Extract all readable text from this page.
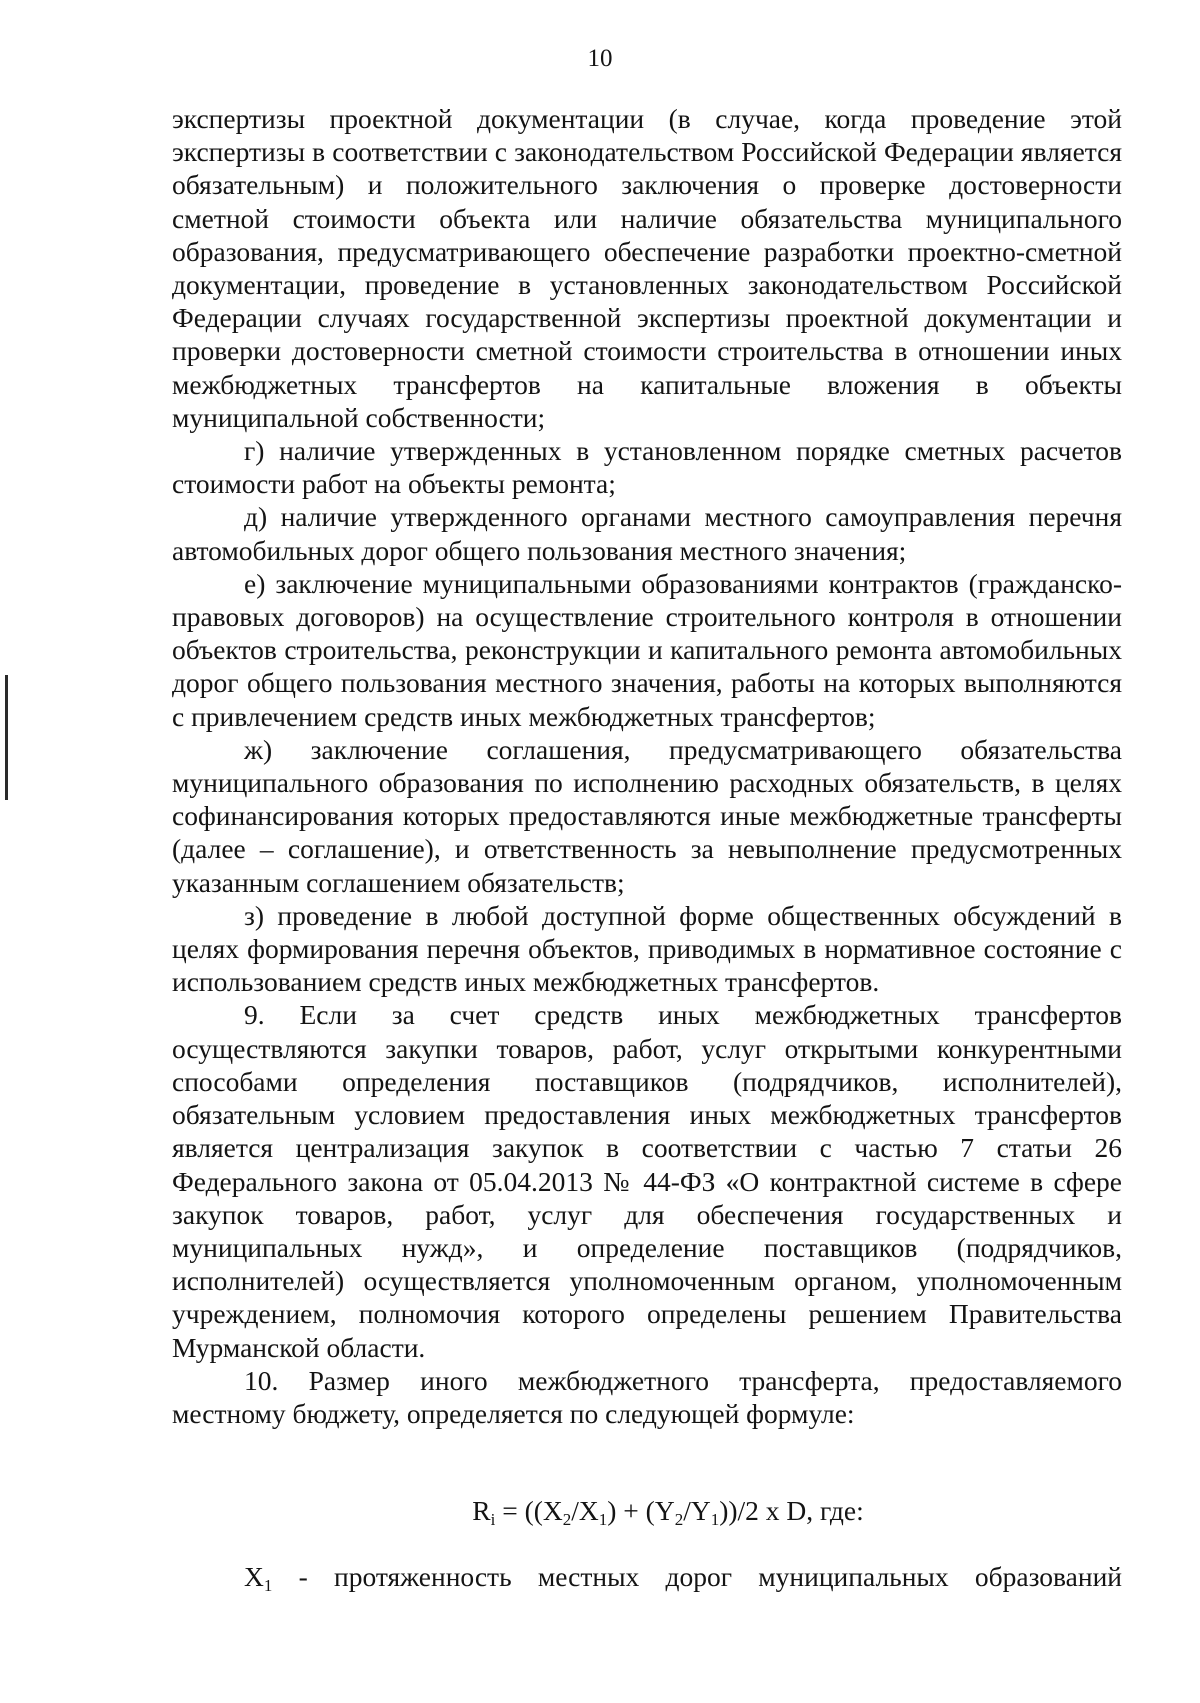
10

экспертизы проектной документации (в случае, когда проведение этой экспертизы в соответствии с законодательством Российской Федерации является обязательным) и положительного заключения о проверке достоверности сметной стоимости объекта или наличие обязательства муниципального образования, предусматривающего обеспечение разработки проектно-сметной документации, проведение в установленных законодательством Российской Федерации случаях государственной экспертизы проектной документации и проверки достоверности сметной стоимости строительства в отношении иных межбюджетных трансфертов на капитальные вложения в объекты муниципальной собственности;

г) наличие утвержденных в установленном порядке сметных расчетов стоимости работ на объекты ремонта;

д) наличие утвержденного органами местного самоуправления перечня автомобильных дорог общего пользования местного значения;

е) заключение муниципальными образованиями контрактов (гражданско-правовых договоров) на осуществление строительного контроля в отношении объектов строительства, реконструкции и капитального ремонта автомобильных дорог общего пользования местного значения, работы на которых выполняются с привлечением средств иных межбюджетных трансфертов;

ж) заключение соглашения, предусматривающего обязательства муниципального образования по исполнению расходных обязательств, в целях софинансирования которых предоставляются иные межбюджетные трансферты (далее – соглашение), и ответственность за невыполнение предусмотренных указанным соглашением обязательств;

з) проведение в любой доступной форме общественных обсуждений в целях формирования перечня объектов, приводимых в нормативное состояние с использованием средств иных межбюджетных трансфертов.

9. Если за счет средств иных межбюджетных трансфертов осуществляются закупки товаров, работ, услуг открытыми конкурентными способами определения поставщиков (подрядчиков, исполнителей), обязательным условием предоставления иных межбюджетных трансфертов является централизация закупок в соответствии с частью 7 статьи 26 Федерального закона от 05.04.2013 № 44-ФЗ «О контрактной системе в сфере закупок товаров, работ, услуг для обеспечения государственных и муниципальных нужд», и определение поставщиков (подрядчиков, исполнителей) осуществляется уполномоченным органом, уполномоченным учреждением, полномочия которого определены решением Правительства Мурманской области.

10. Размер иного межбюджетного трансферта, предоставляемого местному бюджету, определяется по следующей формуле:

$R_i = ((X_2/X_1) + (Y_2/Y_1))/2$ x D, где:
$X_1$ - протяженность местных дорог муниципальных образований
